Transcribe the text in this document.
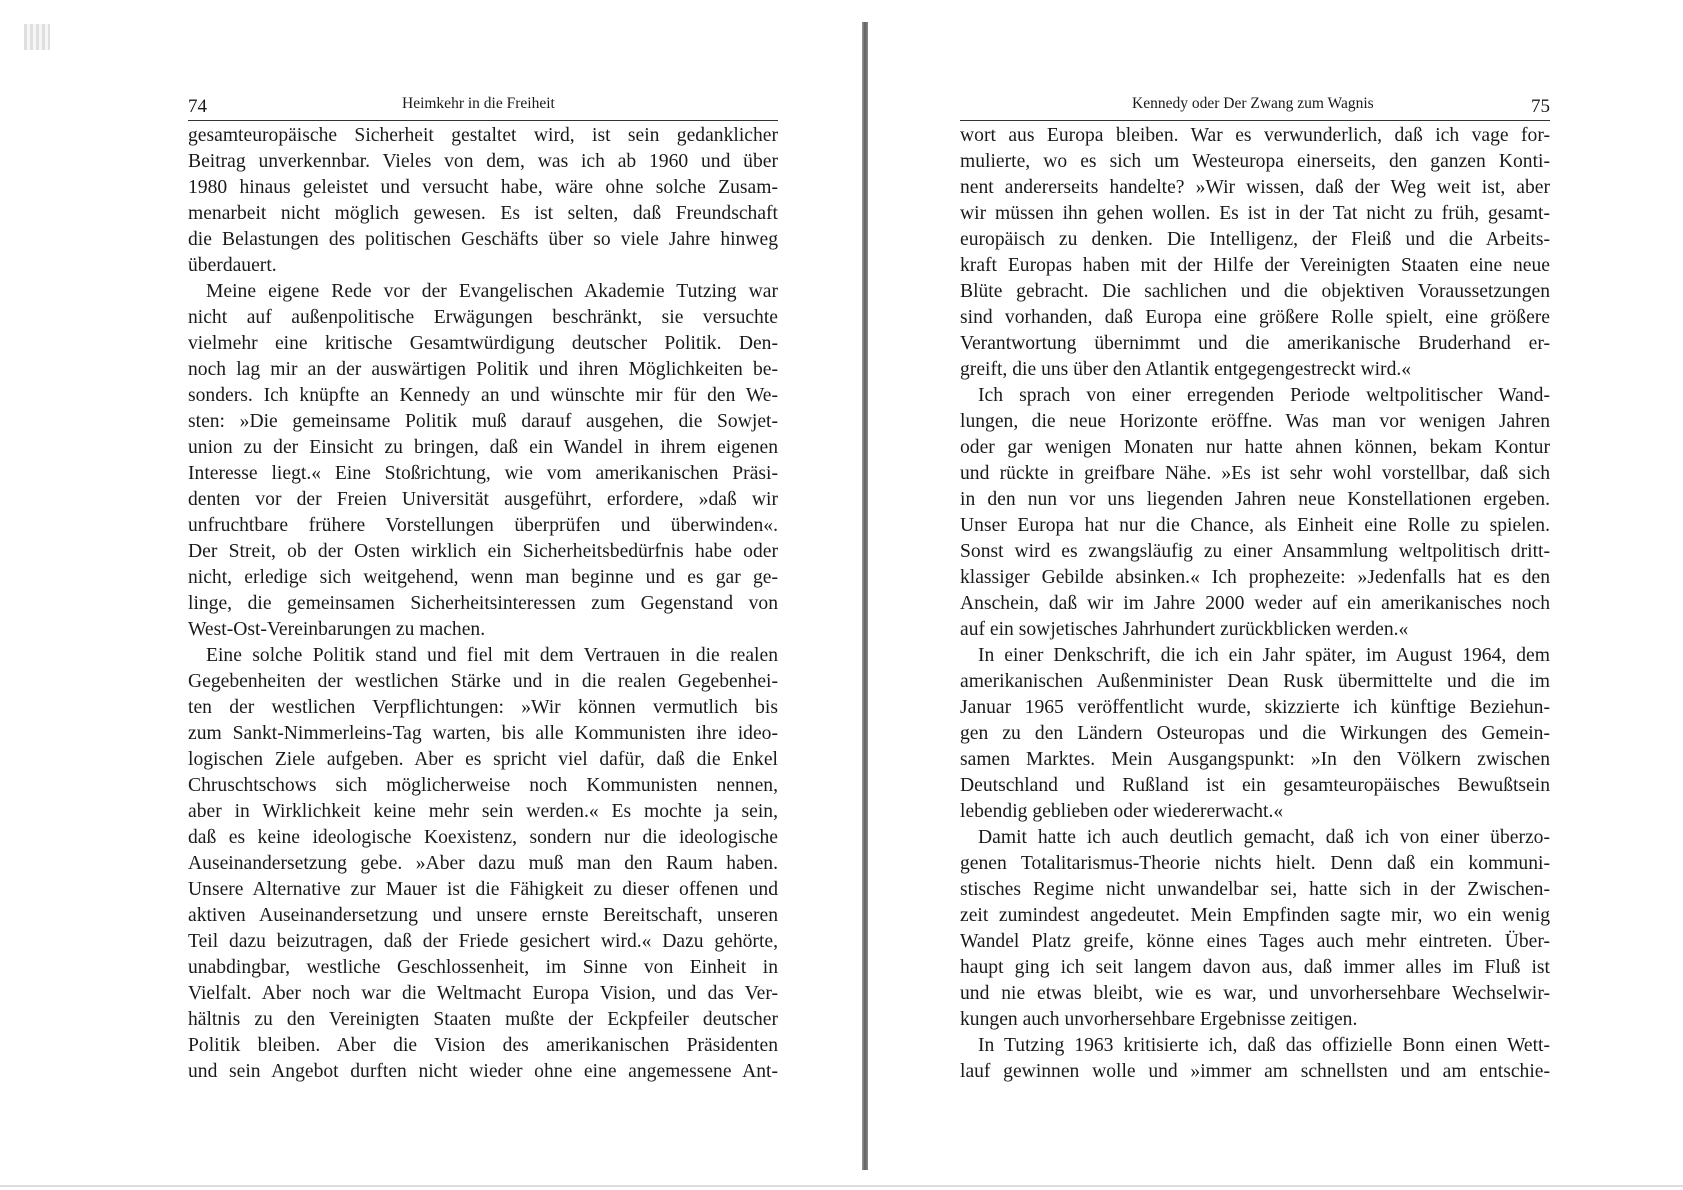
74	Heimkehr in die Freiheit
gesamteuropäische Sicherheit gestaltet wird, ist sein gedanklicher
Beitrag unverkennbar. Vieles von dem, was ich ab 1960 und über
1980 hinaus geleistet und versucht habe, wäre ohne solche Zusam-
menarbeit nicht möglich gewesen. Es ist selten, daß Freundschaft
die Belastungen des politischen Geschäfts über so viele Jahre hinweg
überdauert.
Meine eigene Rede vor der Evangelischen Akademie Tutzing war
nicht auf außenpolitische Erwägungen beschränkt, sie versuchte
vielmehr eine kritische Gesamtwürdigung deutscher Politik. Den-
noch lag mir an der auswärtigen Politik und ihren Möglichkeiten be-
sonders. Ich knüpfte an Kennedy an und wünschte mir für den We-
sten: »Die gemeinsame Politik muß darauf ausgehen, die Sowjet-
union zu der Einsicht zu bringen, daß ein Wandel in ihrem eigenen
Interesse liegt.« Eine Stoßrichtung, wie vom amerikanischen Präsi-
denten vor der Freien Universität ausgeführt, erfordere, »daß wir
unfruchtbare frühere Vorstellungen überprüfen und überwinden«.
Der Streit, ob der Osten wirklich ein Sicherheitsbedürfnis habe oder
nicht, erledige sich weitgehend, wenn man beginne und es gar ge-
linge, die gemeinsamen Sicherheitsinteressen zum Gegenstand von
West-Ost-Vereinbarungen zu machen.
Eine solche Politik stand und fiel mit dem Vertrauen in die realen
Gegebenheiten der westlichen Stärke und in die realen Gegebenhei-
ten der westlichen Verpflichtungen: »Wir können vermutlich bis
zum Sankt-Nimmerleins-Tag warten, bis alle Kommunisten ihre ideo-
logischen Ziele aufgeben. Aber es spricht viel dafür, daß die Enkel
Chruschtschows sich möglicherweise noch Kommunisten nennen,
aber in Wirklichkeit keine mehr sein werden.« Es mochte ja sein,
daß es keine ideologische Koexistenz, sondern nur die ideologische
Auseinandersetzung gebe. »Aber dazu muß man den Raum haben.
Unsere Alternative zur Mauer ist die Fähigkeit zu dieser offenen und
aktiven Auseinandersetzung und unsere ernste Bereitschaft, unseren
Teil dazu beizutragen, daß der Friede gesichert wird.« Dazu gehörte,
unabdingbar, westliche Geschlossenheit, im Sinne von Einheit in
Vielfalt. Aber noch war die Weltmacht Europa Vision, und das Ver-
hältnis zu den Vereinigten Staaten mußte der Eckpfeiler deutscher
Politik bleiben. Aber die Vision des amerikanischen Präsidenten
und sein Angebot durften nicht wieder ohne eine angemessene Ant-
Kennedy oder Der Zwang zum Wagnis	75
wort aus Europa bleiben. War es verwunderlich, daß ich vage for-
mulierte, wo es sich um Westeuropa einerseits, den ganzen Konti-
nent andererseits handelte? »Wir wissen, daß der Weg weit ist, aber
wir müssen ihn gehen wollen. Es ist in der Tat nicht zu früh, gesamt-
europäisch zu denken. Die Intelligenz, der Fleiß und die Arbeits-
kraft Europas haben mit der Hilfe der Vereinigten Staaten eine neue
Blüte gebracht. Die sachlichen und die objektiven Voraussetzungen
sind vorhanden, daß Europa eine größere Rolle spielt, eine größere
Verantwortung übernimmt und die amerikanische Bruderhand er-
greift, die uns über den Atlantik entgegengestreckt wird.«
Ich sprach von einer erregenden Periode weltpolitischer Wand-
lungen, die neue Horizonte eröffne. Was man vor wenigen Jahren
oder gar wenigen Monaten nur hatte ahnen können, bekam Kontur
und rückte in greifbare Nähe. »Es ist sehr wohl vorstellbar, daß sich
in den nun vor uns liegenden Jahren neue Konstellationen ergeben.
Unser Europa hat nur die Chance, als Einheit eine Rolle zu spielen.
Sonst wird es zwangsläufig zu einer Ansammlung weltpolitisch dritt-
klassiger Gebilde absinken.« Ich prophezeite: »Jedenfalls hat es den
Anschein, daß wir im Jahre 2000 weder auf ein amerikanisches noch
auf ein sowjetisches Jahrhundert zurückblicken werden.«
In einer Denkschrift, die ich ein Jahr später, im August 1964, dem
amerikanischen Außenminister Dean Rusk übermittelte und die im
Januar 1965 veröffentlicht wurde, skizzierte ich künftige Beziehun-
gen zu den Ländern Osteuropas und die Wirkungen des Gemein-
samen Marktes. Mein Ausgangspunkt: »In den Völkern zwischen
Deutschland und Rußland ist ein gesamteuropäisches Bewußtsein
lebendig geblieben oder wiedererwacht.«
Damit hatte ich auch deutlich gemacht, daß ich von einer überzo-
genen Totalitarismus-Theorie nichts hielt. Denn daß ein kommuni-
stisches Regime nicht unwandelbar sei, hatte sich in der Zwischen-
zeit zumindest angedeutet. Mein Empfinden sagte mir, wo ein wenig
Wandel Platz greife, könne eines Tages auch mehr eintreten. Über-
haupt ging ich seit langem davon aus, daß immer alles im Fluß ist
und nie etwas bleibt, wie es war, und unvorhersehbare Wechselwir-
kungen auch unvorhersehbare Ergebnisse zeitigen.
In Tutzing 1963 kritisierte ich, daß das offizielle Bonn einen Wett-
lauf gewinnen wolle und »immer am schnellsten und am entschie-
